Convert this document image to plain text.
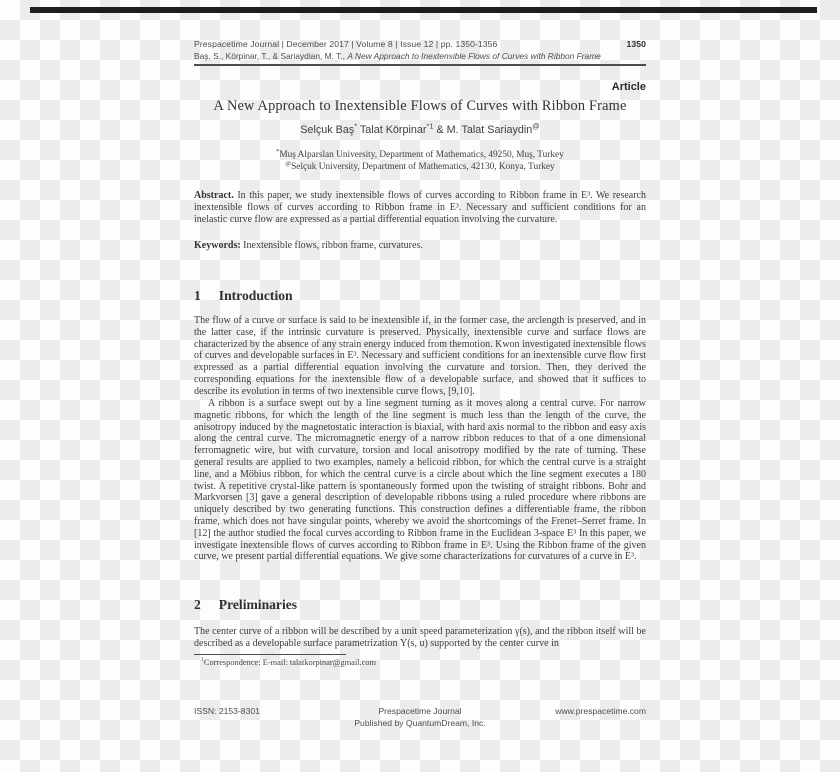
Prespacetime Journal | December 2017 | Volume 8 | Issue 12 | pp. 1350-1356	1350
Baş, S., Körpinar, T., & Sariaydian, M. T., A New Approach to Inextensible Flows of Curves with Ribbon Frame
Article
A New Approach to Inextensible Flows of Curves with Ribbon Frame
Selçuk Baş* Talat Körpinar$^{*1}$ & M. Talat Sariaydin@
*Muş Alparslan University, Department of Mathematics, 49250, Muş, Turkey
@Selçuk University, Department of Mathematics, 42130, Konya, Turkey
Abstract. In this paper, we study inextensible flows of curves according to Ribbon frame in E³. We research inextensible flows of curves according to Ribbon frame in E³. Necessary and sufficient conditions for an inelastic curve flow are expressed as a partial differential equation involving the curvature.
Keywords: Inextensible flows, ribbon frame, curvatures.
1 Introduction
The flow of a curve or surface is said to be inextensible if, in the former case, the arclength is preserved, and in the latter case, if the intrinsic curvature is preserved. Physically, inextensible curve and surface flows are characterized by the absence of any strain energy induced from themotion. Kwon investigated inextensible flows of curves and developable surfaces in E³. Necessary and sufficient conditions for an inextensible curve flow first expressed as a partial differential equation involving the curvature and torsion. Then, they derived the corresponding equations for the inextensible flow of a developable surface, and showed that it suffices to describe its evolution in terms of two inextensible curve flows, [9,10].
A ribbon is a surface swept out by a line segment turning as it moves along a central curve. For narrow magnetic ribbons, for which the length of the line segment is much less than the length of the curve, the anisotropy induced by the magnetostatic interaction is biaxial, with hard axis normal to the ribbon and easy axis along the central curve. The micromagnetic energy of a narrow ribbon reduces to that of a one dimensional ferromagnetic wire, but with curvature, torsion and local anisotropy modified by the rate of turning. These general results are applied to two examples, namely a helicoid ribbon, for which the central curve is a straight line, and a Möbius ribbon, for which the central curve is a circle about which the line segment executes a 180 twist. A repetitive crystal-like pattern is spontaneously formed upon the twisting of straight ribbons. Bohr and Markvorsen [3] gave a general description of developable ribbons using a ruled procedure where ribbons are uniquely described by two generating functions. This construction defines a differentiable frame, the ribbon frame, which does not have singular points, whereby we avoid the shortcomings of the Frenet–Serret frame. In [12] the author studied the focal curves according to Ribbon frame in the Euclidean 3-space E³ In this paper, we investigate inextensible flows of curves according to Ribbon frame in E³. Using the Ribbon frame of the given curve, we present partial differential equations. We give some characterizations for curvatures of a curve in E³.
2 Preliminaries
The center curve of a ribbon will be described by a unit speed parameterization γ(s), and the ribbon itself will be described as a developable surface parametrization Υ(s, u) supported by the center curve in
$^1$Correspondence: E-mail: talatkorpinar@gmail.com
ISSN: 2153-8301	Prespacetime Journal
Published by QuantumDream, Inc.
www.prespacetime.com
